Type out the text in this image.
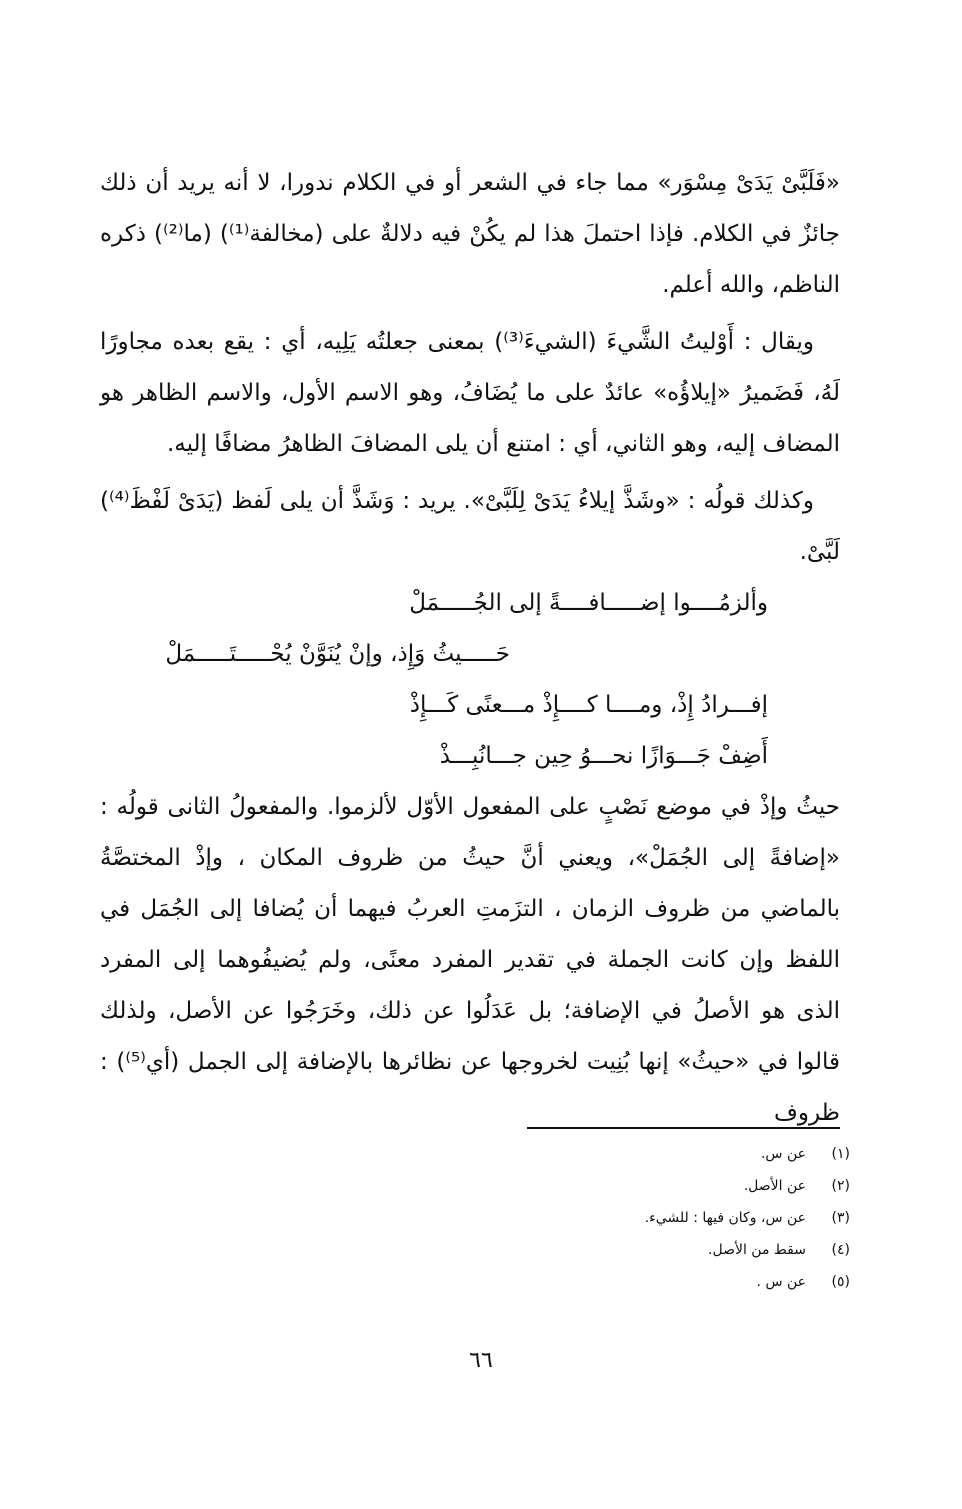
«فَلَبَّىْ يَدَىْ مِسْوَر» مما جاء في الشعر أو في الكلام ندورا، لا أنه يريد أن ذلك جائزٌ في الكلام. فإذا احتملَ هذا لم يكُنْ فيه دلالةٌ على (مخالفة⁽¹⁾) (ما⁽²⁾) ذكره الناظم، والله أعلم.

ويقال : أَوْليتُ الشَّيءَ (الشيءَ⁽³⁾) بمعنى جعلتُه يَلِيه، أي : يقع بعده مجاورًا لَهُ، فَضَميرُ «إيلاؤُه» عائدٌ على ما يُضَافُ، وهو الاسم الأول، والاسم الظاهر هو المضاف إليه، وهو الثاني، أي : امتنع أن يلى المضافَ الظاهرُ مضافًا إليه.

وكذلك قولُه : «وشَذَّ إيلاءُ يَدَىْ لِلَبَّىْ». يريد : وَشَذَّ أن يلى لَفظ (يَدَىْ لَفْظَ⁽⁴⁾) لَبَّىْ.

وألزمُــــوا إضـــــافــــةً إلى الجُـــــمَلْ
حَـــــيثُ وَإِذ، وإنْ يُنَوَّنْ يُحْـــــتَـــــمَلْ
إفـــرادُ إِذْ، ومــــا كــــإِذْ مـــعنًى كَـــإِذْ
أَضِفْ جَـــوَازًا نحـــوُ حِين جـــانُبِـــذْ

حيثُ وإذْ في موضع نَصْبٍ على المفعول الأوّل لألزموا. والمفعولُ الثانى قولُه : «إضافةً إلى الجُمَلْ»، ويعني أنَّ حيثُ من ظروف المكان ، وإذْ المختصَّةُ بالماضي من ظروف الزمان ، التزَمتِ العربُ فيهما أن يُضافا إلى الجُمَل في اللفظ وإن كانت الجملة في تقدير المفرد معنًى، ولم يُضيفُوهما إلى المفرد الذى هو الأصلُ في الإضافة؛ بل عَدَلُوا عن ذلك، وخَرَجُوا عن الأصل، ولذلك قالوا في «حيثُ» إنها بُنِيت لخروجها عن نظائرها بالإضافة إلى الجمل (أي⁽⁵⁾) : ظروف

(١)
عن س.
(٢)
عن الأصل.
(٣)
عن س، وكان فيها : للشيء.
(٤)
سقط من الأصل.
(٥)
عن س .
٦٦
